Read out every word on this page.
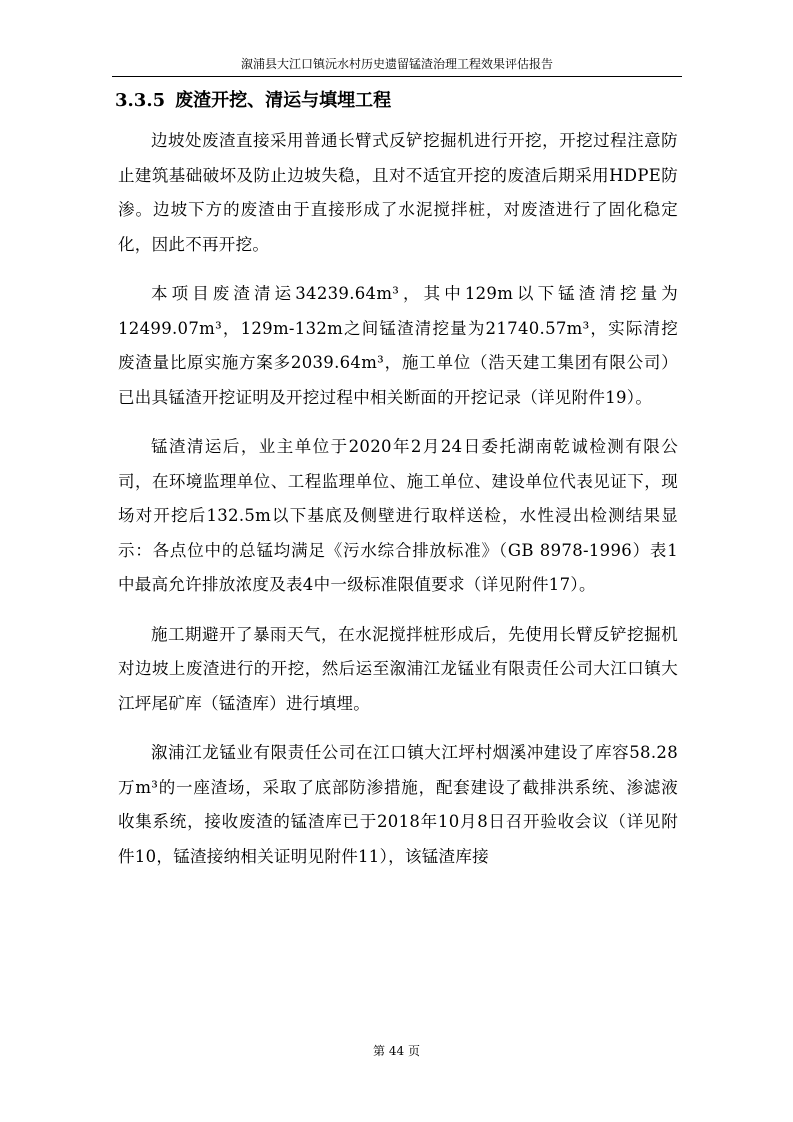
溆浦县大江口镇沅水村历史遗留锰渣治理工程效果评估报告
3.3.5 废渣开挖、清运与填埋工程

边坡处废渣直接采用普通长臂式反铲挖掘机进行开挖，开挖过程注意防止建筑基础破坏及防止边坡失稳，且对不适宜开挖的废渣后期采用HDPE防渗。边坡下方的废渣由于直接形成了水泥搅拌桩，对废渣进行了固化稳定化，因此不再开挖。

本项目废渣清运34239.64m³，其中129m以下锰渣清挖量为12499.07m³，129m-132m之间锰渣清挖量为21740.57m³，实际清挖废渣量比原实施方案多2039.64m³，施工单位（浩天建工集团有限公司）已出具锰渣开挖证明及开挖过程中相关断面的开挖记录（详见附件19）。

锰渣清运后，业主单位于2020年2月24日委托湖南乾诚检测有限公司，在环境监理单位、工程监理单位、施工单位、建设单位代表见证下，现场对开挖后132.5m以下基底及侧壁进行取样送检，水性浸出检测结果显示：各点位中的总锰均满足《污水综合排放标准》（GB 8978-1996）表1中最高允许排放浓度及表4中一级标准限值要求（详见附件17）。

施工期避开了暴雨天气，在水泥搅拌桩形成后，先使用长臂反铲挖掘机对边坡上废渣进行的开挖，然后运至溆浦江龙锰业有限责任公司大江口镇大江坪尾矿库（锰渣库）进行填埋。

溆浦江龙锰业有限责任公司在江口镇大江坪村烟溪冲建设了库容58.28万m³的一座渣场，采取了底部防渗措施，配套建设了截排洪系统、渗滤液收集系统，接收废渣的锰渣库已于2018年10月8日召开验收会议（详见附件10，锰渣接纳相关证明见附件11），该锰渣库接

第 44 页
